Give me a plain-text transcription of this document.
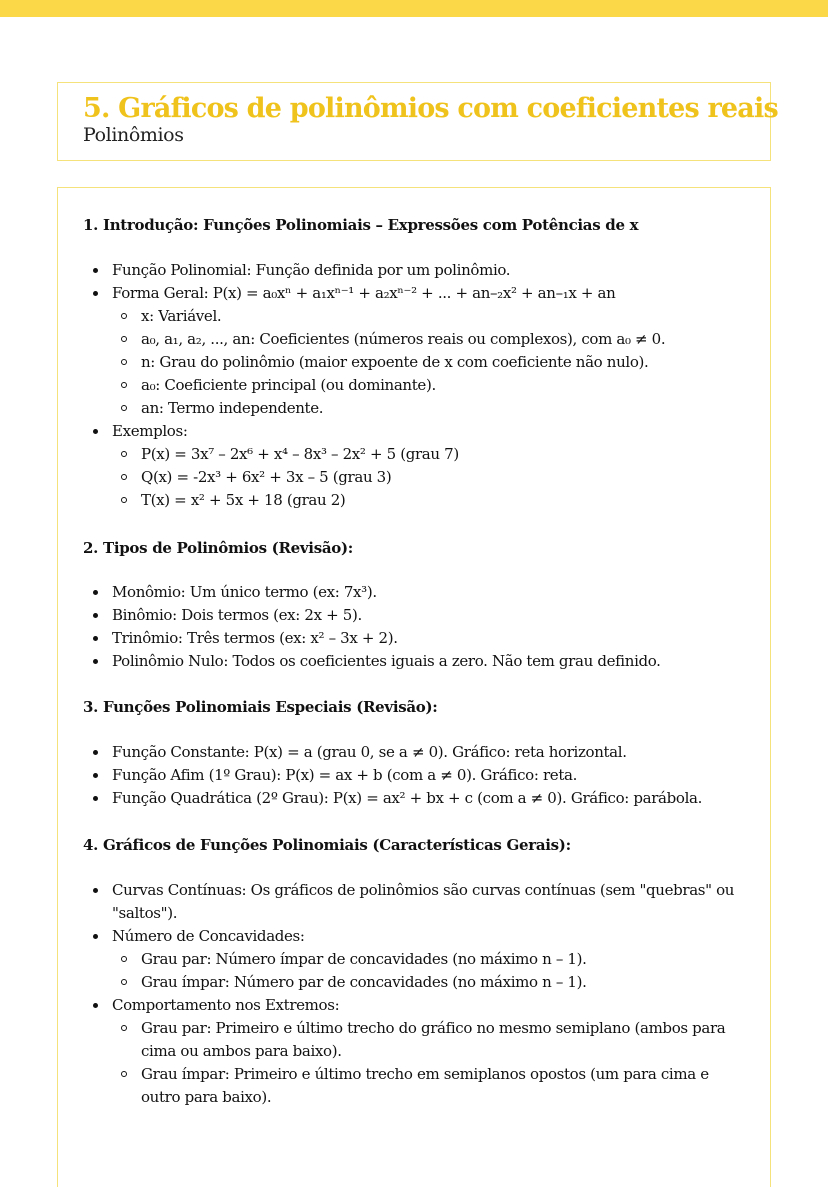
5. Gráficos de polinômios com coeficientes reais
Polinômios
1. Introdução: Funções Polinomiais – Expressões com Potências de x
Função Polinomial: Função definida por um polinômio.
Forma Geral: P(x) = a₀xⁿ + a₁xⁿ⁻¹ + a₂xⁿ⁻² + ... + an–₂x² + an–₁x + an
x: Variável.
a₀, a₁, a₂, ..., an: Coeficientes (números reais ou complexos), com a₀ ≠ 0.
n: Grau do polinômio (maior expoente de x com coeficiente não nulo).
a₀: Coeficiente principal (ou dominante).
an: Termo independente.
Exemplos:
P(x) = 3x⁷ – 2x⁶ + x⁴ – 8x³ – 2x² + 5 (grau 7)
Q(x) = -2x³ + 6x² + 3x – 5 (grau 3)
T(x) = x² + 5x + 18 (grau 2)
2. Tipos de Polinômios (Revisão):
Monômio: Um único termo (ex: 7x³).
Binômio: Dois termos (ex: 2x + 5).
Trinômio: Três termos (ex: x² – 3x + 2).
Polinômio Nulo: Todos os coeficientes iguais a zero. Não tem grau definido.
3. Funções Polinomiais Especiais (Revisão):
Função Constante: P(x) = a (grau 0, se a ≠ 0). Gráfico: reta horizontal.
Função Afim (1º Grau): P(x) = ax + b (com a ≠ 0). Gráfico: reta.
Função Quadrática (2º Grau): P(x) = ax² + bx + c (com a ≠ 0). Gráfico: parábola.
4. Gráficos de Funções Polinomiais (Características Gerais):
Curvas Contínuas: Os gráficos de polinômios são curvas contínuas (sem "quebras" ou "saltos").
Número de Concavidades:
Grau par: Número ímpar de concavidades (no máximo n – 1).
Grau ímpar: Número par de concavidades (no máximo n – 1).
Comportamento nos Extremos:
Grau par: Primeiro e último trecho do gráfico no mesmo semiplano (ambos para cima ou ambos para baixo).
Grau ímpar: Primeiro e último trecho em semiplanos opostos (um para cima e outro para baixo).
